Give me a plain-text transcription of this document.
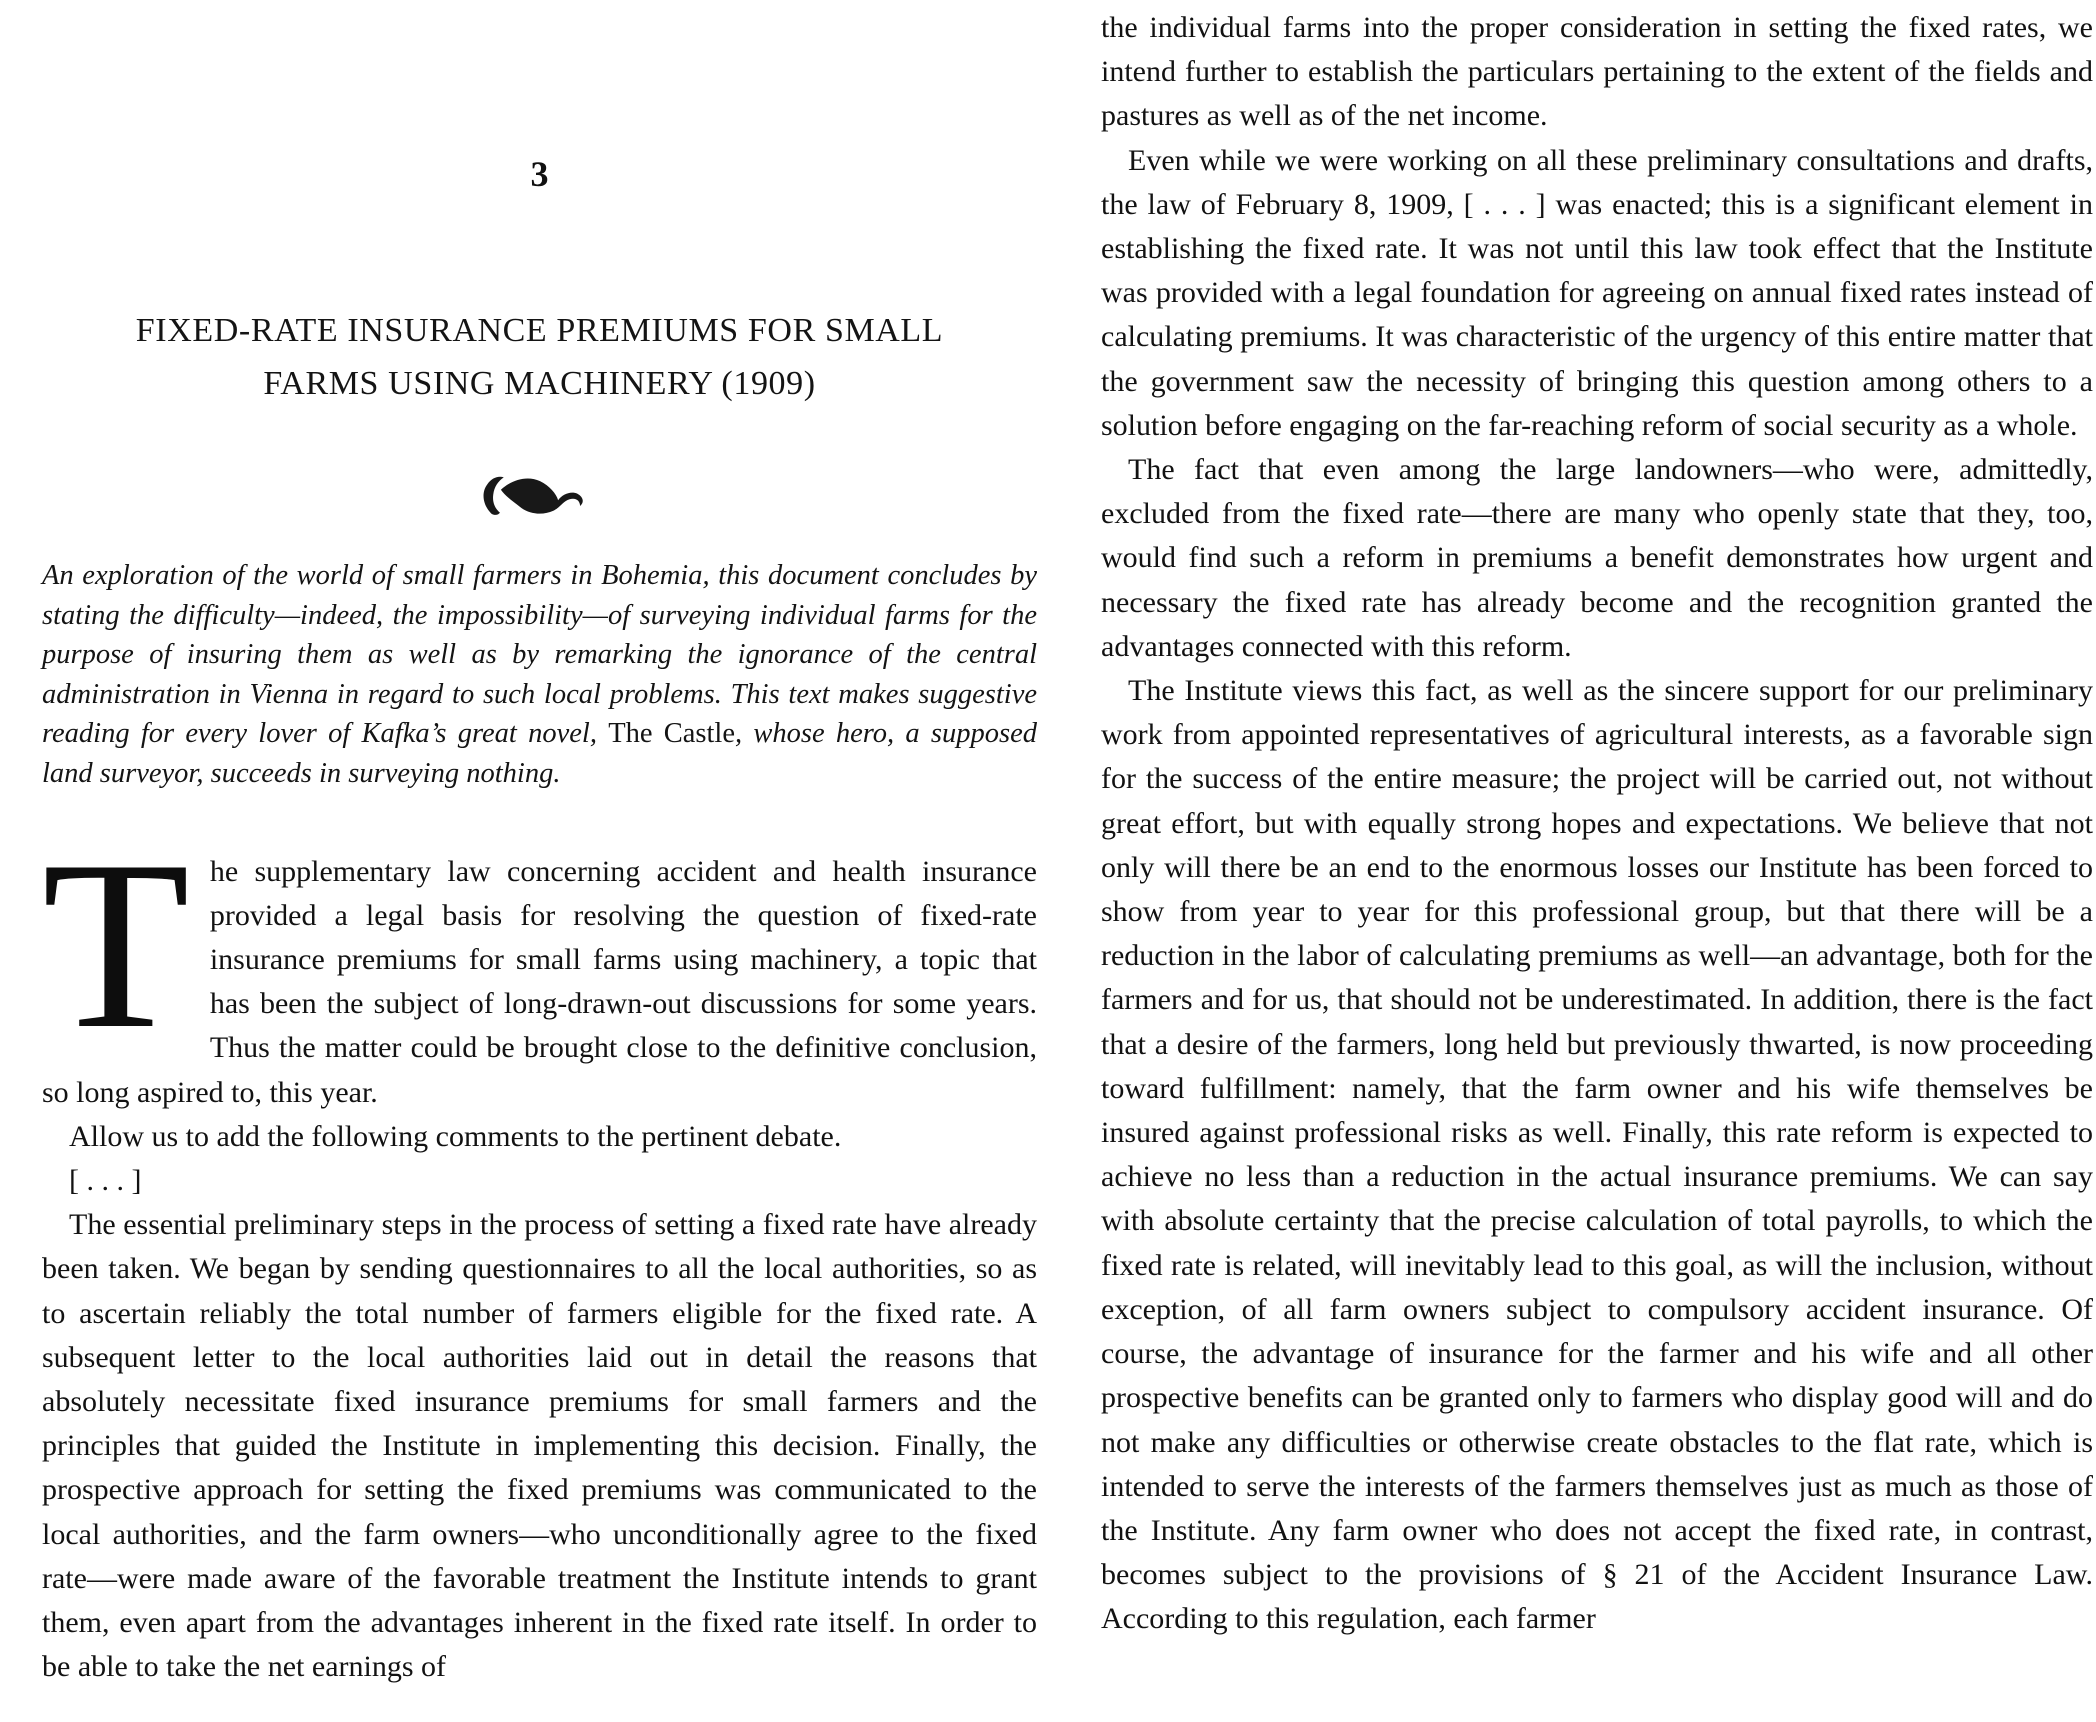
3
FIXED-RATE INSURANCE PREMIUMS FOR SMALL FARMS USING MACHINERY (1909)

An exploration of the world of small farmers in Bohemia, this document concludes by stating the difficulty—indeed, the impossibility—of surveying individual farms for the purpose of insuring them as well as by remarking the ignorance of the central administration in Vienna in regard to such local problems. This text makes suggestive reading for every lover of Kafka’s great novel, The Castle, whose hero, a supposed land surveyor, succeeds in surveying nothing.

The supplementary law concerning accident and health insurance provided a legal basis for resolving the question of fixed-rate insurance premiums for small farms using machinery, a topic that has been the subject of long-drawn-out discussions for some years. Thus the matter could be brought close to the definitive conclusion, so long aspired to, this year.

Allow us to add the following comments to the pertinent debate.

[ . . . ]

The essential preliminary steps in the process of setting a fixed rate have already been taken. We began by sending questionnaires to all the local authorities, so as to ascertain reliably the total number of farmers eligible for the fixed rate. A subsequent letter to the local authorities laid out in detail the reasons that absolutely necessitate fixed insurance premiums for small farmers and the principles that guided the Institute in implementing this decision. Finally, the prospective approach for setting the fixed premiums was communicated to the local authorities, and the farm owners—who unconditionally agree to the fixed rate—were made aware of the favorable treatment the Institute intends to grant them, even apart from the advantages inherent in the fixed rate itself. In order to be able to take the net earnings of

the individual farms into the proper consideration in setting the fixed rates, we intend further to establish the particulars pertaining to the extent of the fields and pastures as well as of the net income.

Even while we were working on all these preliminary consultations and drafts, the law of February 8, 1909, [ . . . ] was enacted; this is a significant element in establishing the fixed rate. It was not until this law took effect that the Institute was provided with a legal foundation for agreeing on annual fixed rates instead of calculating premiums. It was characteristic of the urgency of this entire matter that the government saw the necessity of bringing this question among others to a solution before engaging on the far-reaching reform of social security as a whole.

The fact that even among the large landowners—who were, admittedly, excluded from the fixed rate—there are many who openly state that they, too, would find such a reform in premiums a benefit demonstrates how urgent and necessary the fixed rate has already become and the recognition granted the advantages connected with this reform.

The Institute views this fact, as well as the sincere support for our preliminary work from appointed representatives of agricultural interests, as a favorable sign for the success of the entire measure; the project will be carried out, not without great effort, but with equally strong hopes and expectations. We believe that not only will there be an end to the enormous losses our Institute has been forced to show from year to year for this professional group, but that there will be a reduction in the labor of calculating premiums as well—an advantage, both for the farmers and for us, that should not be underestimated. In addition, there is the fact that a desire of the farmers, long held but previously thwarted, is now proceeding toward fulfillment: namely, that the farm owner and his wife themselves be insured against professional risks as well. Finally, this rate reform is expected to achieve no less than a reduction in the actual insurance premiums. We can say with absolute certainty that the precise calculation of total payrolls, to which the fixed rate is related, will inevitably lead to this goal, as will the inclusion, without exception, of all farm owners subject to compulsory accident insurance. Of course, the advantage of insurance for the farmer and his wife and all other prospective benefits can be granted only to farmers who display good will and do not make any difficulties or otherwise create obstacles to the flat rate, which is intended to serve the interests of the farmers themselves just as much as those of the Institute. Any farm owner who does not accept the fixed rate, in contrast, becomes subject to the provisions of § 21 of the Accident Insurance Law. According to this regulation, each farmer
